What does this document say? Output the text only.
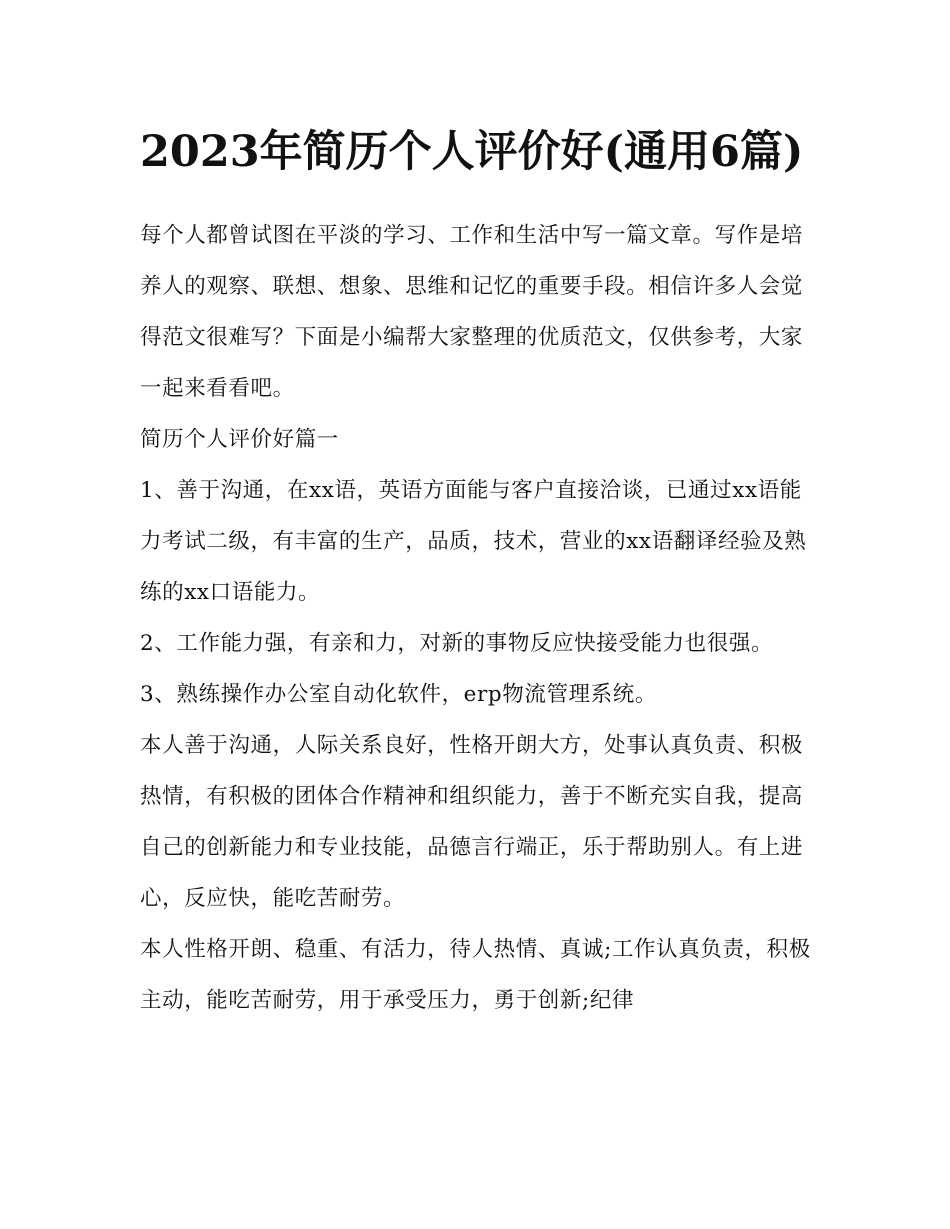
2023年简历个人评价好(通用6篇)

每个人都曾试图在平淡的学习、工作和生活中写一篇文章。写作是培养人的观察、联想、想象、思维和记忆的重要手段。相信许多人会觉得范文很难写？下面是小编帮大家整理的优质范文，仅供参考，大家一起来看看吧。

简历个人评价好篇一

1、善于沟通，在xx语，英语方面能与客户直接洽谈，已通过xx语能力考试二级，有丰富的生产，品质，技术，营业的xx语翻译经验及熟练的xx口语能力。

2、工作能力强，有亲和力，对新的事物反应快接受能力也很强。 3、熟练操作办公室自动化软件，erp物流管理系统。

本人善于沟通，人际关系良好，性格开朗大方，处事认真负责、积极热情，有积极的团体合作精神和组织能力，善于不断充实自我，提高自己的创新能力和专业技能，品德言行端正，乐于帮助别人。有上进心，反应快，能吃苦耐劳。

本人性格开朗、稳重、有活力，待人热情、真诚;工作认真负责，积极主动，能吃苦耐劳，用于承受压力，勇于创新;纪律
